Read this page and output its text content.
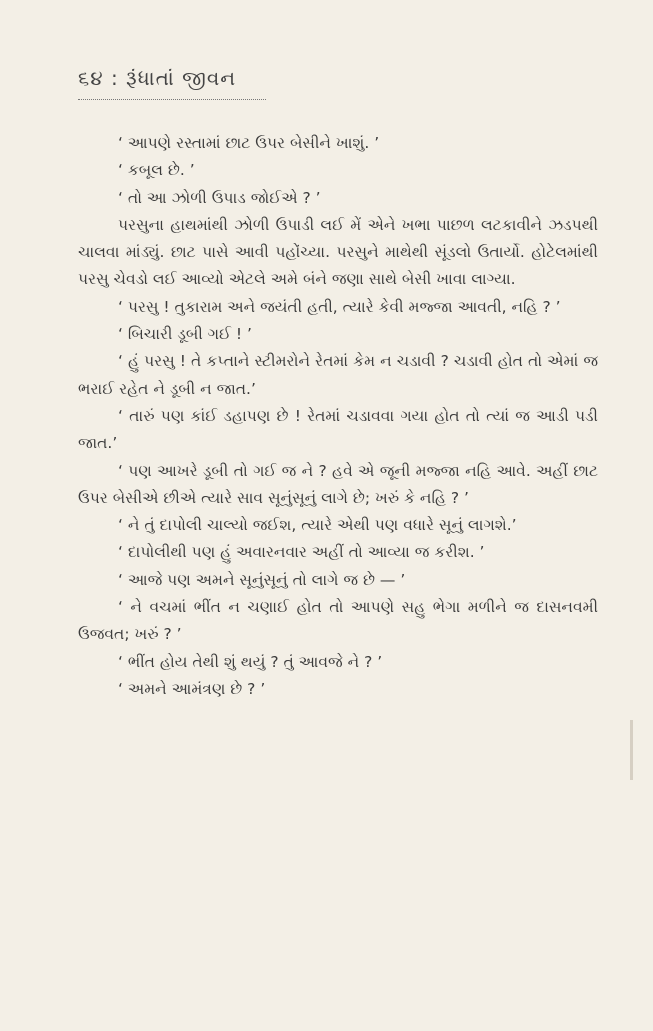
૬૪ : રૂંધાતાં જીવન

‘ આપણે રસ્તામાં છાટ ઉપર બેસીને ખાશું. ’

‘ કબૂલ છે. ’

‘ તો આ ઝોળી ઉપાડ જોઈએ ? ’

પરસુના હાથમાંથી ઝોળી ઉપાડી લઈ મેં એને ખભા પાછળ લટકાવીને ઝડપથી ચાલવા માંડ્યું. છાટ પાસે આવી પહોંચ્યા. પરસુને માથેથી સૂંડલો ઉતાર્યો. હોટેલમાંથી પરસુ ચેવડો લઈ આવ્યો એટલે અમે બંને જણા સાથે બેસી ખાવા લાગ્યા.

‘ પરસુ ! તુકારામ અને જયંતી હતી, ત્યારે કેવી મજ્જા આવતી, નહિ ? ’

‘ બિચારી ડૂબી ગઈ ! ’

‘ હું પરસુ ! તે કપ્તાને સ્ટીમરોને રેતમાં કેમ ન ચડાવી ? ચડાવી હોત તો એમાં જ ભરાઈ રહેત ને ડૂબી ન જાત.’

‘ તારું પણ કાંઈ ડહાપણ છે ! રેતમાં ચડાવવા ગયા હોત તો ત્યાં જ આડી પડી જાત.’

‘ પણ આખરે ડૂબી તો ગઈ જ ને ? હવે એ જૂની મજ્જા નહિ આવે. અહીં છાટ ઉપર બેસીએ છીએ ત્યારે સાવ સૂનુંસૂનું લાગે છે; ખરું કે નહિ ? ’

‘ ને તું દાપોલી ચાલ્યો જઈશ, ત્યારે એથી પણ વધારે સૂનું લાગશે.’

‘ દાપોલીથી પણ હું અવારનવાર અહીં તો આવ્યા જ કરીશ. ’

‘ આજે પણ અમને સૂનુંસૂનું તો લાગે જ છે — ’

‘ ને વચમાં ભીંત ન ચણાઈ હોત તો આપણે સહુ ભેગા મળીને જ દાસનવમી ઉજવત; ખરું ? ’

‘ ભીંત હોય તેથી શું થયું ? તું આવજે ને ? ’

‘ અમને આમંત્રણ છે ? ’
